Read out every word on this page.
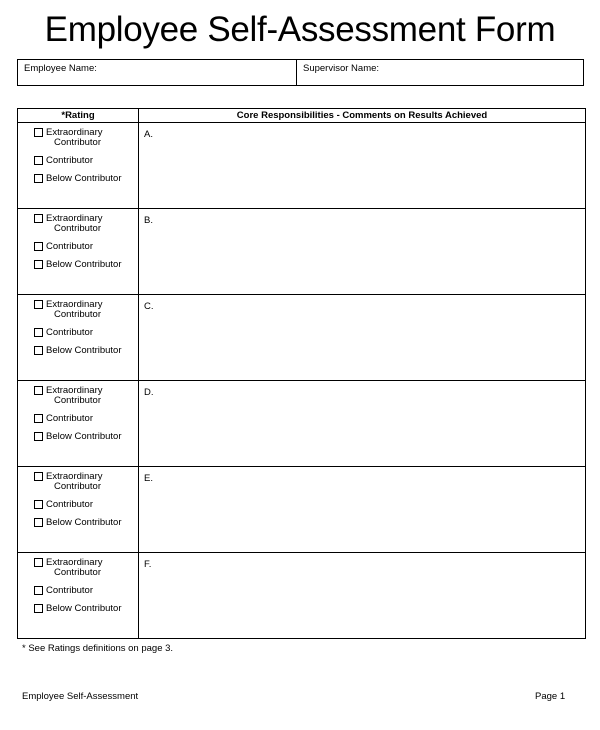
Employee Self-Assessment Form
Employee Name:	Supervisor Name:
*Rating	Core Responsibilities - Comments on Results Achieved

Extraordinary
Contributor
Contributor
Below Contributor	A.

Extraordinary
Contributor
Contributor
Below Contributor	B.

Extraordinary
Contributor
Contributor
Below Contributor	C.

Extraordinary
Contributor
Contributor
Below Contributor	D.

Extraordinary
Contributor
Contributor
Below Contributor	E.

Extraordinary
Contributor
Contributor
Below Contributor	F.
* See Ratings definitions on page 3.
Employee Self-Assessment	Page 1
